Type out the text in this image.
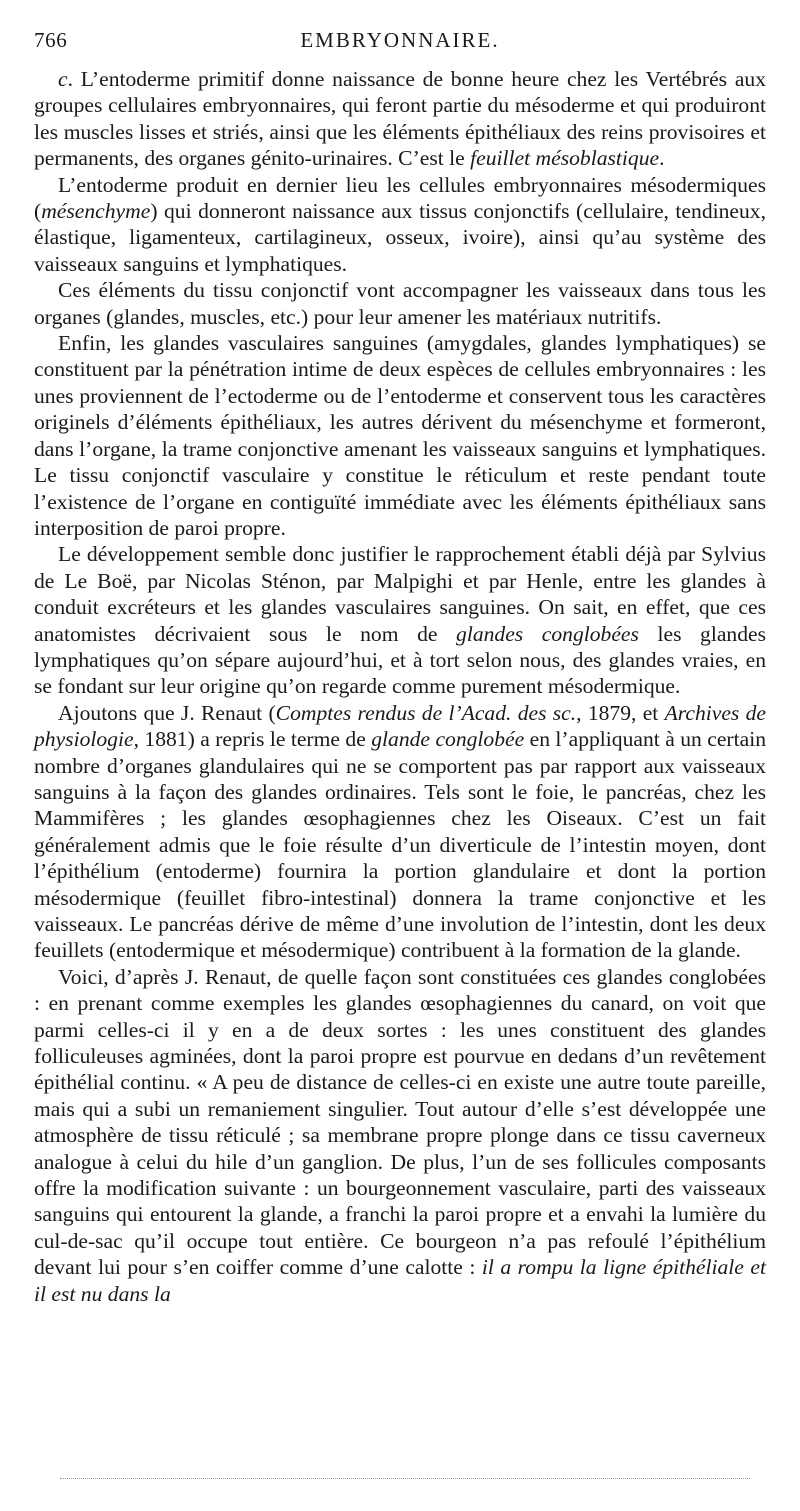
766	EMBRYONNAIRE.

c. L’entoderme primitif donne naissance de bonne heure chez les Vertébrés aux groupes cellulaires embryonnaires, qui feront partie du mésoderme et qui produiront les muscles lisses et striés, ainsi que les éléments épithéliaux des reins provisoires et permanents, des organes génito-urinaires. C’est le feuillet mésoblastique.

L’entoderme produit en dernier lieu les cellules embryonnaires mésodermiques (mésenchyme) qui donneront naissance aux tissus conjonctifs (cellulaire, tendineux, élastique, ligamenteux, cartilagineux, osseux, ivoire), ainsi qu’au système des vaisseaux sanguins et lymphatiques.

Ces éléments du tissu conjonctif vont accompagner les vaisseaux dans tous les organes (glandes, muscles, etc.) pour leur amener les matériaux nutritifs.

Enfin, les glandes vasculaires sanguines (amygdales, glandes lymphatiques) se constituent par la pénétration intime de deux espèces de cellules embryonnaires : les unes proviennent de l’ectoderme ou de l’entoderme et conservent tous les caractères originels d’éléments épithéliaux, les autres dérivent du mésenchyme et formeront, dans l’organe, la trame conjonctive amenant les vaisseaux sanguins et lymphatiques. Le tissu conjonctif vasculaire y constitue le réticulum et reste pendant toute l’existence de l’organe en contiguïté immédiate avec les éléments épithéliaux sans interposition de paroi propre.

Le développement semble donc justifier le rapprochement établi déjà par Sylvius de Le Boë, par Nicolas Sténon, par Malpighi et par Henle, entre les glandes à conduit excréteurs et les glandes vasculaires sanguines. On sait, en effet, que ces anatomistes décrivaient sous le nom de glandes conglobées les glandes lymphatiques qu’on sépare aujourd’hui, et à tort selon nous, des glandes vraies, en se fondant sur leur origine qu’on regarde comme purement mésodermique.

Ajoutons que J. Renaut (Comptes rendus de l’Acad. des sc., 1879, et Archives de physiologie, 1881) a repris le terme de glande conglobée en l’appliquant à un certain nombre d’organes glandulaires qui ne se comportent pas par rapport aux vaisseaux sanguins à la façon des glandes ordinaires. Tels sont le foie, le pancréas, chez les Mammifères ; les glandes œsophagiennes chez les Oiseaux. C’est un fait généralement admis que le foie résulte d’un diverticule de l’intestin moyen, dont l’épithélium (entoderme) fournira la portion glandulaire et dont la portion mésodermique (feuillet fibro-intestinal) donnera la trame conjonctive et les vaisseaux. Le pancréas dérive de même d’une involution de l’intestin, dont les deux feuillets (entodermique et mésodermique) contribuent à la formation de la glande.

Voici, d’après J. Renaut, de quelle façon sont constituées ces glandes conglobées : en prenant comme exemples les glandes œsophagiennes du canard, on voit que parmi celles-ci il y en a de deux sortes : les unes constituent des glandes folliculeuses agminées, dont la paroi propre est pourvue en dedans d’un revêtement épithélial continu. « A peu de distance de celles-ci en existe une autre toute pareille, mais qui a subi un remaniement singulier. Tout autour d’elle s’est développée une atmosphère de tissu réticulé ; sa membrane propre plonge dans ce tissu caverneux analogue à celui du hile d’un ganglion. De plus, l’un de ses follicules composants offre la modification suivante : un bourgeonnement vasculaire, parti des vaisseaux sanguins qui entourent la glande, a franchi la paroi propre et a envahi la lumière du cul-de-sac qu’il occupe tout entière. Ce bourgeon n’a pas refoulé l’épithélium devant lui pour s’en coiffer comme d’une calotte : il a rompu la ligne épithéliale et il est nu dans la
